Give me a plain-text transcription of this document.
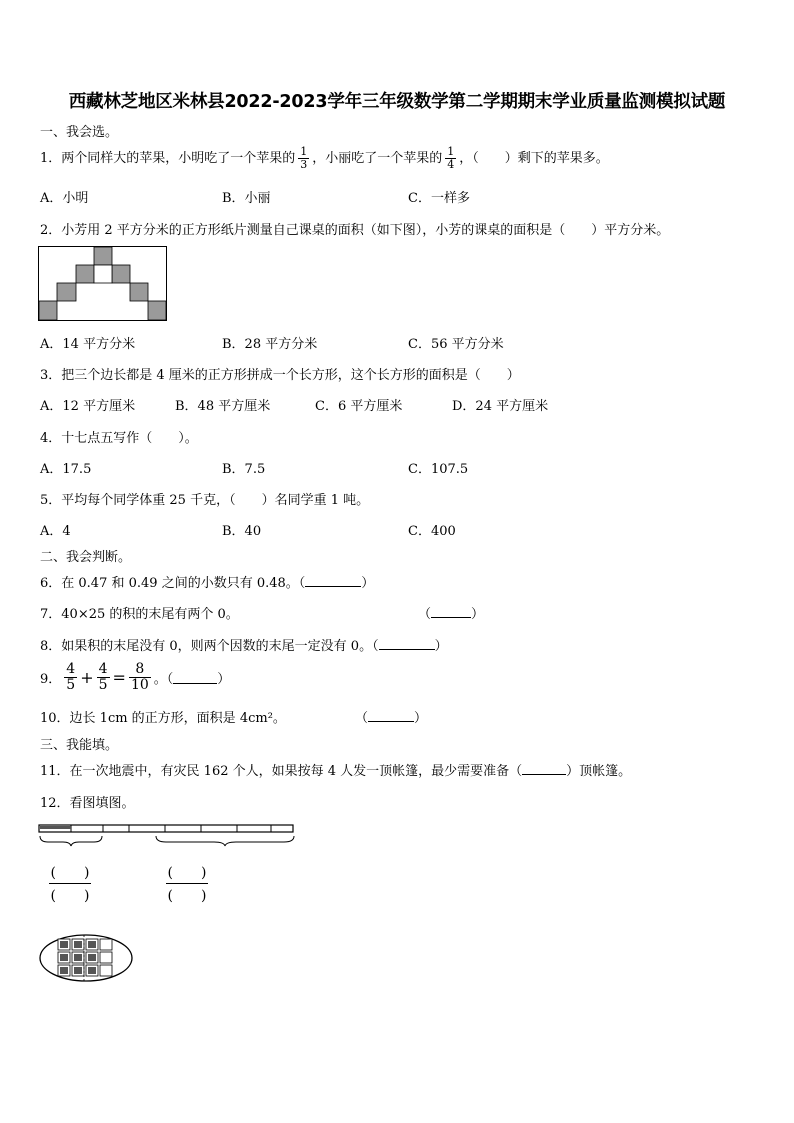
西藏林芝地区米林县2022-2023学年三年级数学第二学期期末学业质量监测模拟试题
一、我会选。
1．两个同样大的苹果，小明吃了一个苹果的 $\frac{1}{3}$ ，小丽吃了一个苹果的 $\frac{1}{4}$ ，（　　）剩下的苹果多。
A．小明	B．小丽	C．一样多
2．小芳用 2 平方分米的正方形纸片测量自己课桌的面积（如下图），小芳的课桌的面积是（　　）平方分米。
A．14 平方分米	B．28 平方分米	C．56 平方分米
3．把三个边长都是 4 厘米的正方形拼成一个长方形，这个长方形的面积是（　　）
A．12 平方厘米	B．48 平方厘米	C．6 平方厘米	D．24 平方厘米
4．十七点五写作（　　）。
A．17.5	B．7.5	C．107.5
5．平均每个同学体重 25 千克，（　　）名同学重 1 吨。
A．4	B．40	C．400
二、我会判断。
6．在 0.47 和 0.49 之间的小数只有 0.48。（	）
7．40×25 的积的末尾有两个 0。	（	）
8．如果积的末尾没有 0，则两个因数的末尾一定没有 0。（	）
9． $\frac{4}{5} + \frac{4}{5} = \frac{8}{10}$ 。（	）
10．边长 1cm 的正方形，面积是 4cm²。	（	）
三、我能填。
11．在一次地震中，有灾民 162 个人，如果按每 4 人发一顶帐篷，最少需要准备（	）顶帐篷。
12．看图填图。
(　　)
(　　)
(　　)
(　　)
